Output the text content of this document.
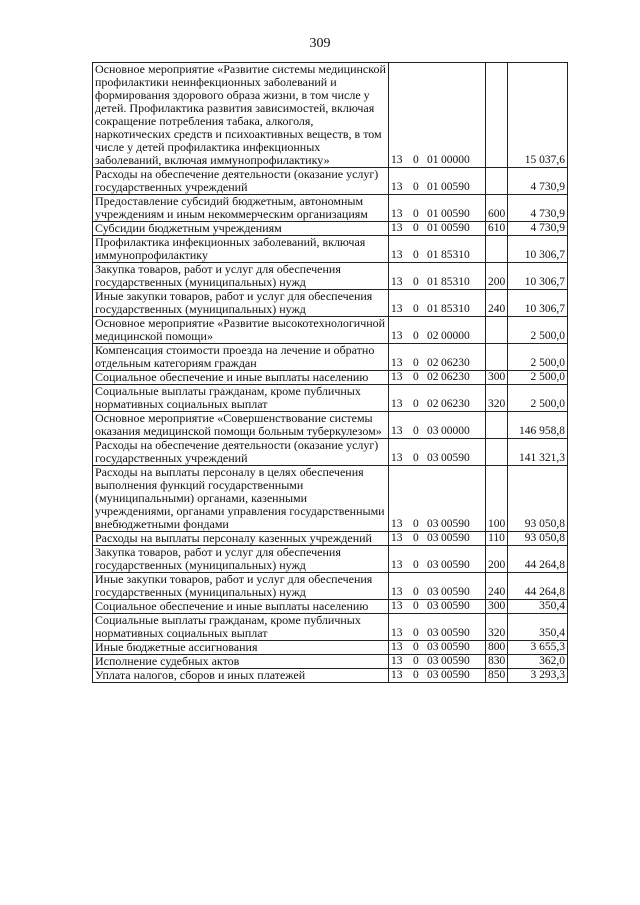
309
Основное мероприятие «Развитие системы медицинской профилактики неинфекционных заболеваний и формирования здорового образа жизни, в том числе у детей. Профилактика развития зависимостей, включая сокращение потребления табака, алкоголя, наркотических средств и психоактивных веществ, в том числе у детей профилактика инфекционных заболеваний, включая иммунопрофилактику»	13 0 01 00000		15 037,6
Расходы на обеспечение деятельности (оказание услуг) государственных учреждений	13 0 01 00590		4 730,9
Предоставление субсидий бюджетным, автономным учреждениям и иным некоммерческим организациям	13 0 01 00590	600	4 730,9
Субсидии бюджетным учреждениям	13 0 01 00590	610	4 730,9
Профилактика инфекционных заболеваний, включая иммунопрофилактику	13 0 01 85310		10 306,7
Закупка товаров, работ и услуг для обеспечения государственных (муниципальных) нужд	13 0 01 85310	200	10 306,7
Иные закупки товаров, работ и услуг для обеспечения государственных (муниципальных) нужд	13 0 01 85310	240	10 306,7
Основное мероприятие «Развитие высокотехнологичной медицинской помощи»	13 0 02 00000		2 500,0
Компенсация стоимости проезда на лечение и обратно отдельным категориям граждан	13 0 02 06230		2 500,0
Социальное обеспечение и иные выплаты населению	13 0 02 06230	300	2 500,0
Социальные выплаты гражданам, кроме публичных нормативных социальных выплат	13 0 02 06230	320	2 500,0
Основное мероприятие «Совершенствование системы оказания медицинской помощи больным туберкулезом»	13 0 03 00000		146 958,8
Расходы на обеспечение деятельности (оказание услуг) государственных учреждений	13 0 03 00590		141 321,3
Расходы на выплаты персоналу в целях обеспечения выполнения функций государственными (муниципальными) органами, казенными учреждениями, органами управления государственными внебюджетными фондами	13 0 03 00590	100	93 050,8
Расходы на выплаты персоналу казенных учреждений	13 0 03 00590	110	93 050,8
Закупка товаров, работ и услуг для обеспечения государственных (муниципальных) нужд	13 0 03 00590	200	44 264,8
Иные закупки товаров, работ и услуг для обеспечения государственных (муниципальных) нужд	13 0 03 00590	240	44 264,8
Социальное обеспечение и иные выплаты населению	13 0 03 00590	300	350,4
Социальные выплаты гражданам, кроме публичных нормативных социальных выплат	13 0 03 00590	320	350,4
Иные бюджетные ассигнования	13 0 03 00590	800	3 655,3
Исполнение судебных актов	13 0 03 00590	830	362,0
Уплата налогов, сборов и иных платежей	13 0 03 00590	850	3 293,3
